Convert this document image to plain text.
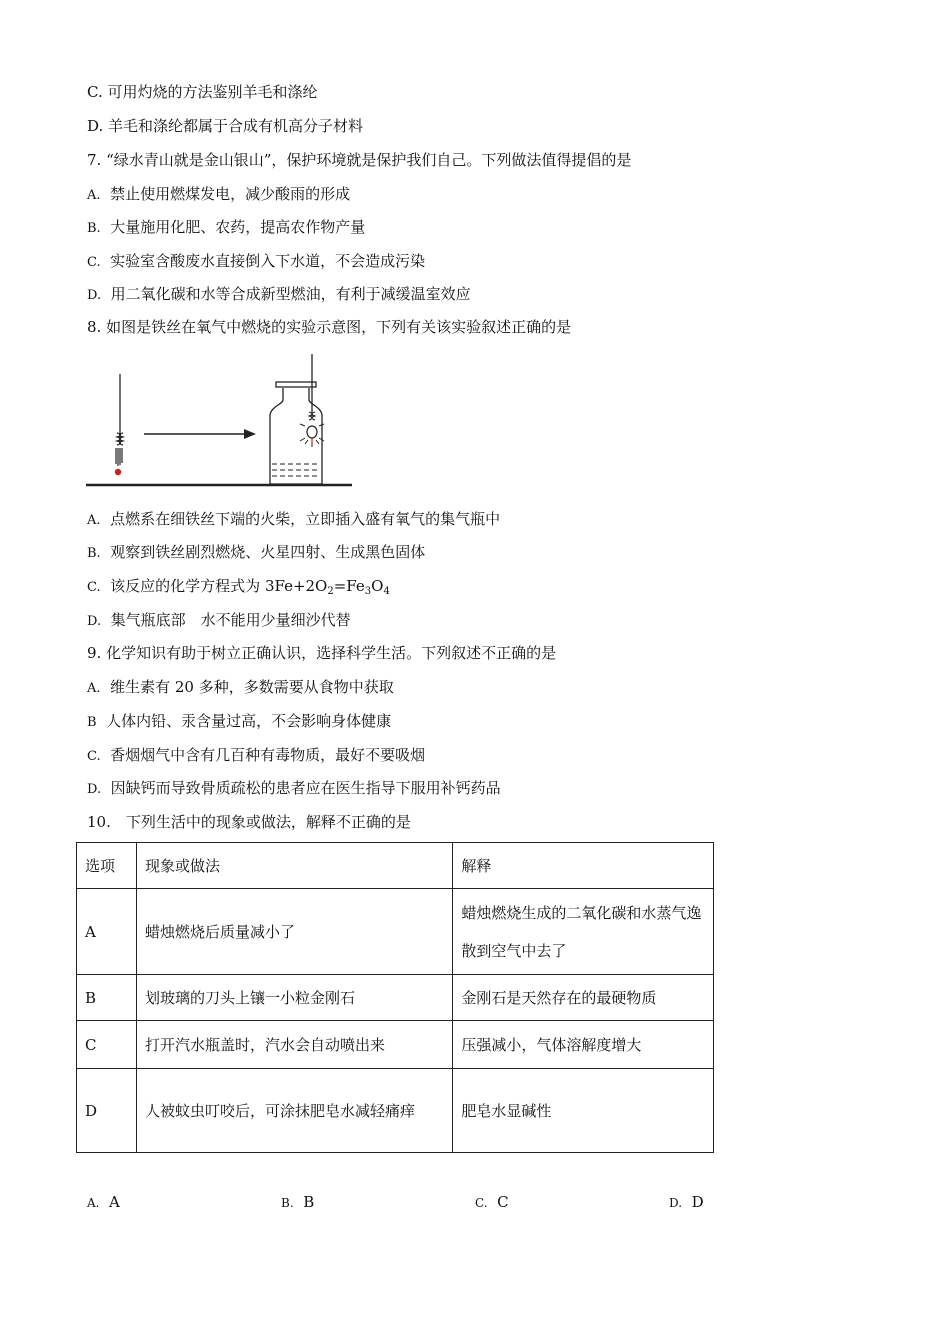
C. 可用灼烧的方法鉴别羊毛和涤纶
D. 羊毛和涤纶都属于合成有机高分子材料
7. “绿水青山就是金山银山”，保护环境就是保护我们自己。下列做法值得提倡的是
A. 禁止使用燃煤发电，减少酸雨的形成
B. 大量施用化肥、农药，提高农作物产量
C. 实验室含酸废水直接倒入下水道，不会造成污染
D. 用二氧化碳和水等合成新型燃油，有利于减缓温室效应
8. 如图是铁丝在氧气中燃烧的实验示意图，下列有关该实验叙述正确的是
A. 点燃系在细铁丝下端的火柴，立即插入盛有氧气的集气瓶中
B. 观察到铁丝剧烈燃烧、火星四射、生成黑色固体
C. 该反应的化学方程式为 $3Fe+2O_2=Fe_3O_4$
D. 集气瓶底部　水不能用少量细沙代替
9. 化学知识有助于树立正确认识，选择科学生活。下列叙述不正确的是
A. 维生素有 20 多种，多数需要从食物中获取
B 人体内铅、汞含量过高，不会影响身体健康
C. 香烟烟气中含有几百种有毒物质，最好不要吸烟
D. 因缺钙而导致骨质疏松的患者应在医生指导下服用补钙药品
10.　下列生活中的现象或做法，解释不正确的是
选项	现象或做法	解释
A	蜡烛燃烧后质量减小了	蜡烛燃烧生成的二氧化碳和水蒸气逸散到空气中去了
B	划玻璃的刀头上镶一小粒金刚石	金刚石是天然存在的最硬物质
C	打开汽水瓶盖时，汽水会自动喷出来	压强减小，气体溶解度增大
D	人被蚊虫叮咬后，可涂抹肥皂水减轻痛痒	肥皂水显碱性
A. A	B. B	C. C	D. D
